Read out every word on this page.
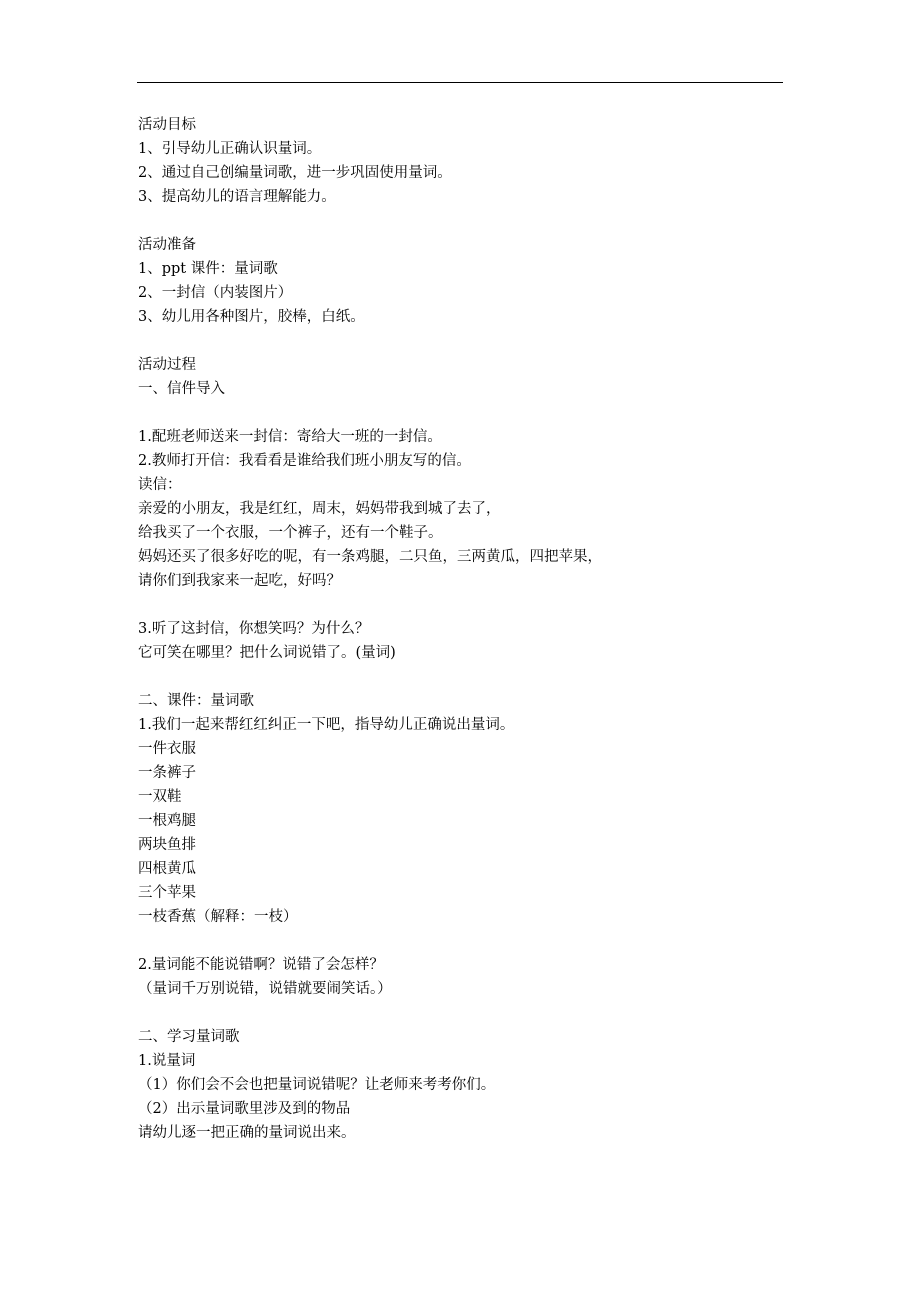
活动目标
1、引导幼儿正确认识量词。
2、通过自己创编量词歌，进一步巩固使用量词。
3、提高幼儿的语言理解能力。
活动准备
1、ppt 课件：量词歌
2、一封信（内装图片）
3、幼儿用各种图片，胶棒，白纸。
活动过程
一、信件导入
1.配班老师送来一封信：寄给大一班的一封信。
2.教师打开信：我看看是谁给我们班小朋友写的信。
读信：
亲爱的小朋友，我是红红，周末，妈妈带我到城了去了，
给我买了一个衣服，一个裤子，还有一个鞋子。
妈妈还买了很多好吃的呢，有一条鸡腿，二只鱼，三两黄瓜，四把苹果，
请你们到我家来一起吃，好吗？
3.听了这封信，你想笑吗？为什么？
它可笑在哪里？把什么词说错了。(量词)
二、课件：量词歌
1.我们一起来帮红红纠正一下吧，指导幼儿正确说出量词。
一件衣服
一条裤子
一双鞋
一根鸡腿
两块鱼排
四根黄瓜
三个苹果
一枝香蕉（解释：一枝）
2.量词能不能说错啊？说错了会怎样？
（量词千万别说错，说错就要闹笑话。）
二、学习量词歌
1.说量词
（1）你们会不会也把量词说错呢？让老师来考考你们。
（2）出示量词歌里涉及到的物品
请幼儿逐一把正确的量词说出来。
